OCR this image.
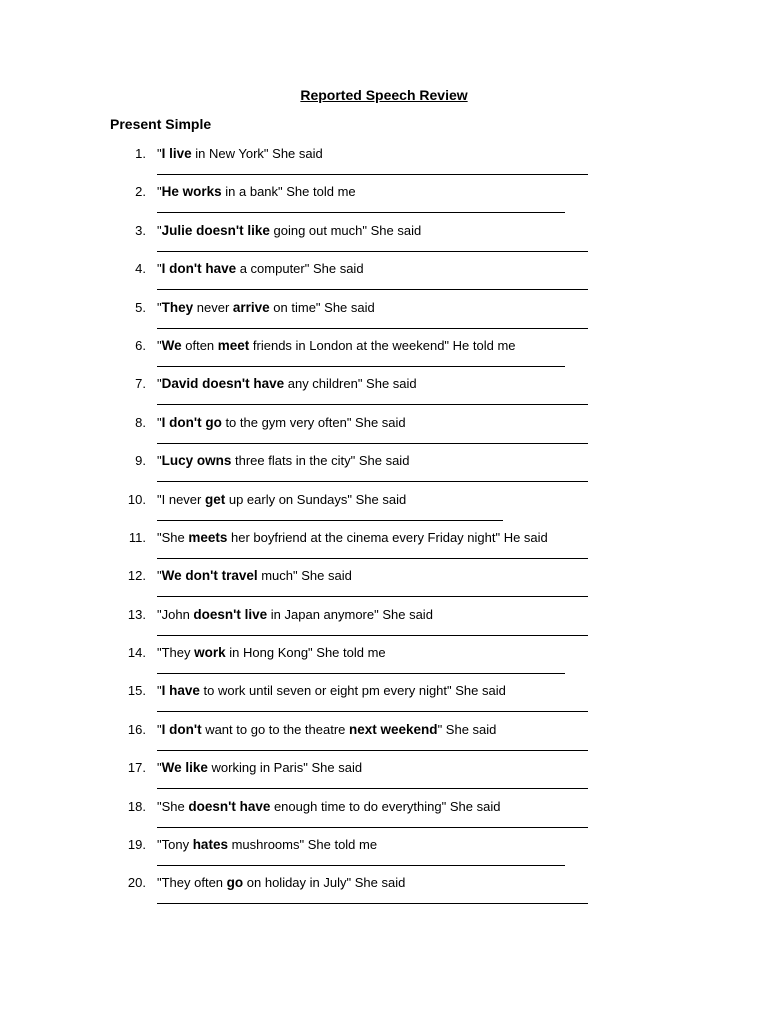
Reported Speech Review
Present Simple
1. "I live in New York" She said
2. "He works in a bank" She told me
3. "Julie doesn't like going out much" She said
4. "I don't have a computer" She said
5. "They never arrive on time" She said
6. "We often meet friends in London at the weekend" He told me
7. "David doesn't have any children" She said
8. "I don't go to the gym very often" She said
9. "Lucy owns three flats in the city" She said
10. "I never get up early on Sundays" She said
11. "She meets her boyfriend at the cinema every Friday night" He said
12. "We don't travel much" She said
13. "John doesn't live in Japan anymore" She said
14. "They work in Hong Kong" She told me
15. "I have to work until seven or eight pm every night" She said
16. "I don't want to go to the theatre next weekend" She said
17. "We like working in Paris" She said
18. "She doesn't have enough time to do everything" She said
19. "Tony hates mushrooms" She told me
20. "They often go on holiday in July" She said
